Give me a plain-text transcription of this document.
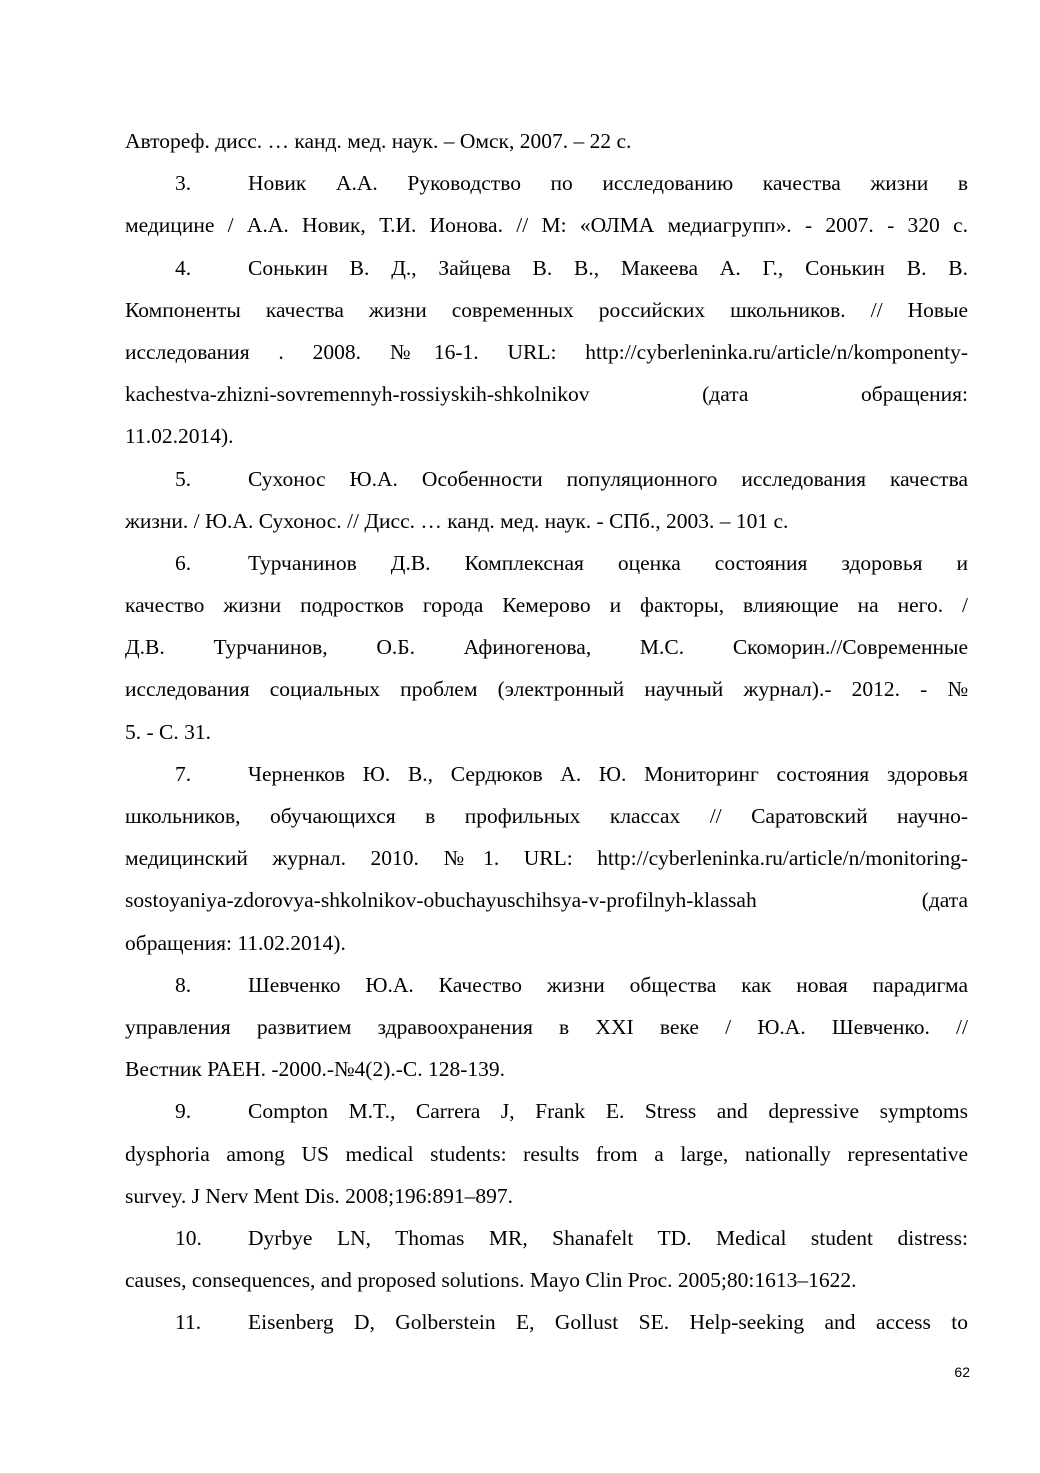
Автореф. дисс. … канд. мед. наук. – Омск, 2007. – 22 с.
3.	Новик А.А. Руководство по исследованию качества жизни в
медицине / А.А. Новик, Т.И. Ионова. // М: «ОЛМА медиагрупп». - 2007. - 320 с.
4.	Сонькин В. Д., Зайцева В. В., Макеева А. Г., Сонькин В. В.
Компоненты качества жизни современных российских школьников. // Новые
исследования . 2008. №16-1. URL: http://cyberleninka.ru/article/n/komponenty-
kachestva-zhizni-sovremennyh-rossiyskih-shkolnikov (дата обращения:
11.02.2014).
5.	Сухонос Ю.А. Особенности популяционного исследования качества
жизни. / Ю.А. Сухонос. // Дисс. … канд. мед. наук. - СПб., 2003. – 101 с.
6.	Турчанинов Д.В. Комплексная оценка состояния здоровья и
качество жизни подростков города Кемерово и факторы, влияющие на него. /
Д.В. Турчанинов, О.Б. Афиногенова, М.С. Скоморин.//Современные
исследования социальных проблем (электронный научный журнал).- 2012. - №
5. - С. 31.
7.	Черненков Ю. В., Сердюков А. Ю. Мониторинг состояния здоровья
школьников, обучающихся в профильных классах // Саратовский научно-
медицинский журнал. 2010. №1. URL: http://cyberleninka.ru/article/n/monitoring-
sostoyaniya-zdorovya-shkolnikov-obuchayuschihsya-v-profilnyh-klassah (дата
обращения: 11.02.2014).
8.	Шевченко Ю.А. Качество жизни общества как новая парадигма
управления развитием здравоохранения в XXI веке / Ю.А. Шевченко. //
Вестник РАЕН. -2000.-№4(2).-С. 128-139.
9.	Compton M.T., Carrera J, Frank E. Stress and depressive symptoms
dysphoria among US medical students: results from a large, nationally representative
survey. J Nerv Ment Dis. 2008;196:891–897.
10.	Dyrbye LN, Thomas MR, Shanafelt TD. Medical student distress:
causes, consequences, and proposed solutions. Mayo Clin Proc. 2005;80:1613–1622.
11.	Eisenberg D, Golberstein E, Gollust SE. Help-seeking and access to
62
